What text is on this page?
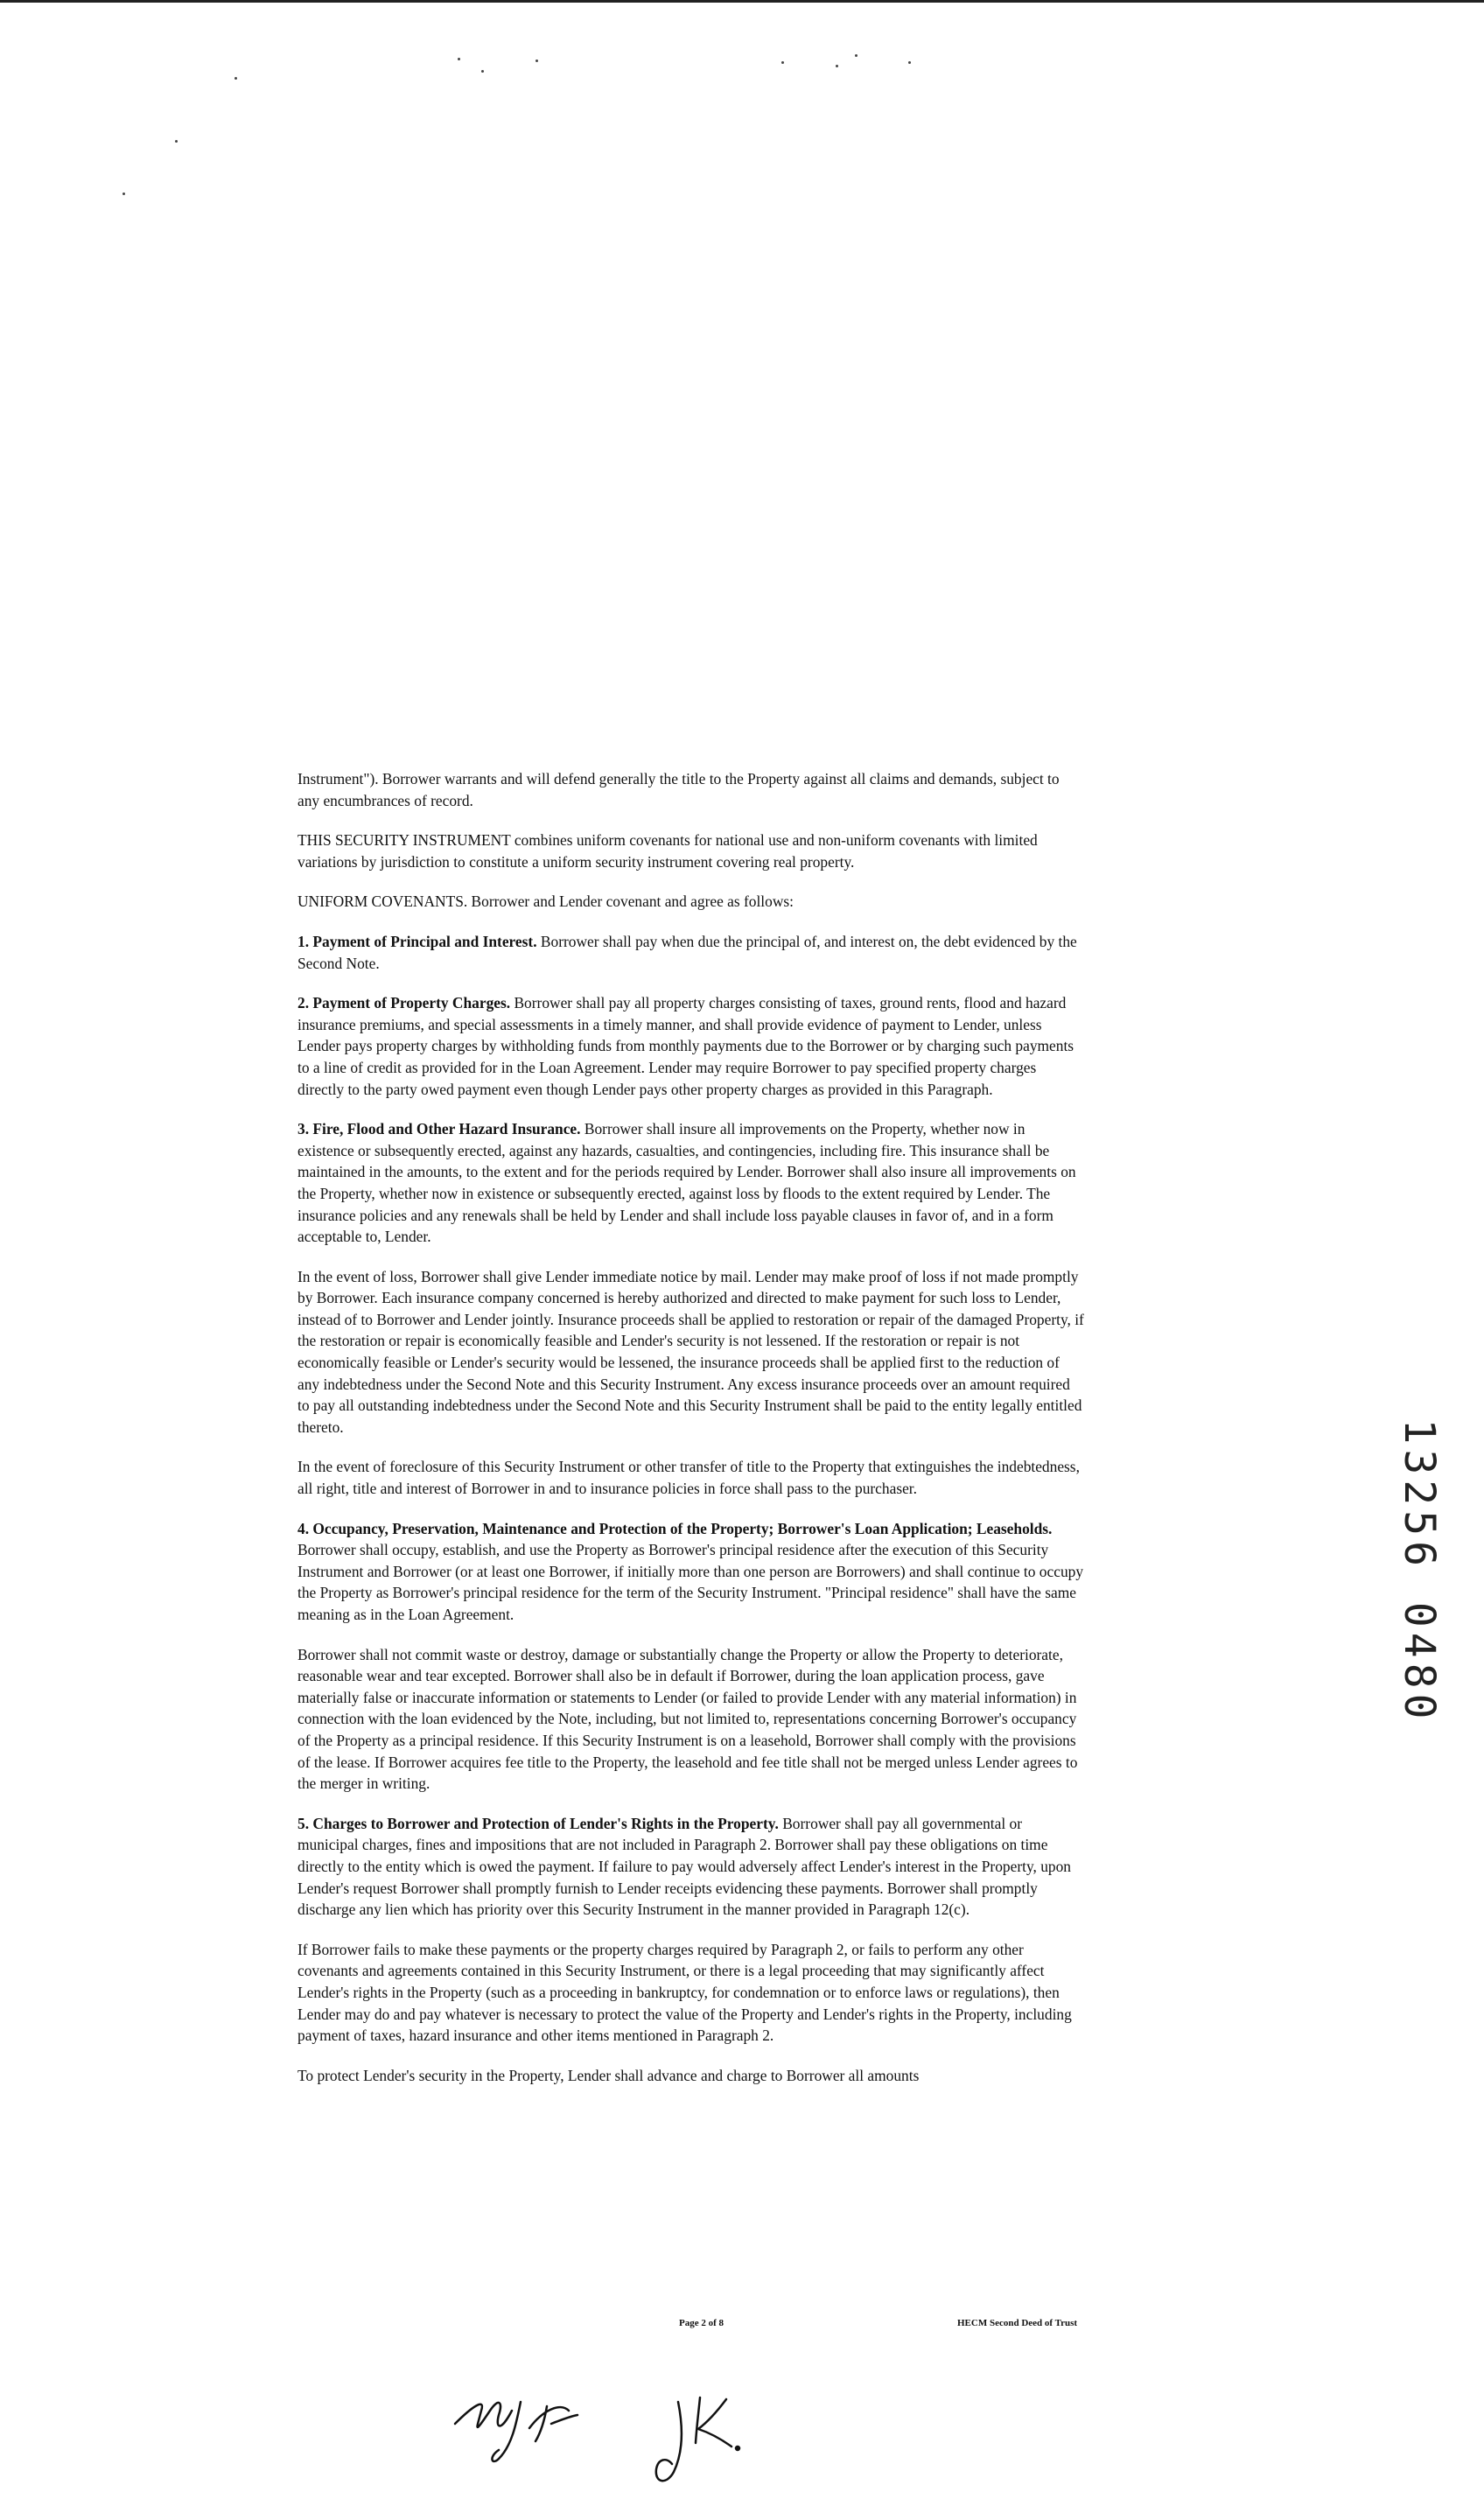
Instrument"). Borrower warrants and will defend generally the title to the Property against all claims and demands, subject to any encumbrances of record.

THIS SECURITY INSTRUMENT combines uniform covenants for national use and non-uniform covenants with limited variations by jurisdiction to constitute a uniform security instrument covering real property.

UNIFORM COVENANTS. Borrower and Lender covenant and agree as follows:

1. Payment of Principal and Interest. Borrower shall pay when due the principal of, and interest on, the debt evidenced by the Second Note.

2. Payment of Property Charges. Borrower shall pay all property charges consisting of taxes, ground rents, flood and hazard insurance premiums, and special assessments in a timely manner, and shall provide evidence of payment to Lender, unless Lender pays property charges by withholding funds from monthly payments due to the Borrower or by charging such payments to a line of credit as provided for in the Loan Agreement. Lender may require Borrower to pay specified property charges directly to the party owed payment even though Lender pays other property charges as provided in this Paragraph.

3. Fire, Flood and Other Hazard Insurance. Borrower shall insure all improvements on the Property, whether now in existence or subsequently erected, against any hazards, casualties, and contingencies, including fire. This insurance shall be maintained in the amounts, to the extent and for the periods required by Lender. Borrower shall also insure all improvements on the Property, whether now in existence or subsequently erected, against loss by floods to the extent required by Lender. The insurance policies and any renewals shall be held by Lender and shall include loss payable clauses in favor of, and in a form acceptable to, Lender.

In the event of loss, Borrower shall give Lender immediate notice by mail. Lender may make proof of loss if not made promptly by Borrower. Each insurance company concerned is hereby authorized and directed to make payment for such loss to Lender, instead of to Borrower and Lender jointly. Insurance proceeds shall be applied to restoration or repair of the damaged Property, if the restoration or repair is economically feasible and Lender's security is not lessened. If the restoration or repair is not economically feasible or Lender's security would be lessened, the insurance proceeds shall be applied first to the reduction of any indebtedness under the Second Note and this Security Instrument. Any excess insurance proceeds over an amount required to pay all outstanding indebtedness under the Second Note and this Security Instrument shall be paid to the entity legally entitled thereto.

In the event of foreclosure of this Security Instrument or other transfer of title to the Property that extinguishes the indebtedness, all right, title and interest of Borrower in and to insurance policies in force shall pass to the purchaser.

4. Occupancy, Preservation, Maintenance and Protection of the Property; Borrower's Loan Application; Leaseholds. Borrower shall occupy, establish, and use the Property as Borrower's principal residence after the execution of this Security Instrument and Borrower (or at least one Borrower, if initially more than one person are Borrowers) and shall continue to occupy the Property as Borrower's principal residence for the term of the Security Instrument. "Principal residence" shall have the same meaning as in the Loan Agreement.

Borrower shall not commit waste or destroy, damage or substantially change the Property or allow the Property to deteriorate, reasonable wear and tear excepted. Borrower shall also be in default if Borrower, during the loan application process, gave materially false or inaccurate information or statements to Lender (or failed to provide Lender with any material information) in connection with the loan evidenced by the Note, including, but not limited to, representations concerning Borrower's occupancy of the Property as a principal residence. If this Security Instrument is on a leasehold, Borrower shall comply with the provisions of the lease. If Borrower acquires fee title to the Property, the leasehold and fee title shall not be merged unless Lender agrees to the merger in writing.

5. Charges to Borrower and Protection of Lender's Rights in the Property. Borrower shall pay all governmental or municipal charges, fines and impositions that are not included in Paragraph 2. Borrower shall pay these obligations on time directly to the entity which is owed the payment. If failure to pay would adversely affect Lender's interest in the Property, upon Lender's request Borrower shall promptly furnish to Lender receipts evidencing these payments. Borrower shall promptly discharge any lien which has priority over this Security Instrument in the manner provided in Paragraph 12(c).

If Borrower fails to make these payments or the property charges required by Paragraph 2, or fails to perform any other covenants and agreements contained in this Security Instrument, or there is a legal proceeding that may significantly affect Lender's rights in the Property (such as a proceeding in bankruptcy, for condemnation or to enforce laws or regulations), then Lender may do and pay whatever is necessary to protect the value of the Property and Lender's rights in the Property, including payment of taxes, hazard insurance and other items mentioned in Paragraph 2.

To protect Lender's security in the Property, Lender shall advance and charge to Borrower all amounts

Page 2 of 8	HECM Second Deed of Trust
13256 0480
